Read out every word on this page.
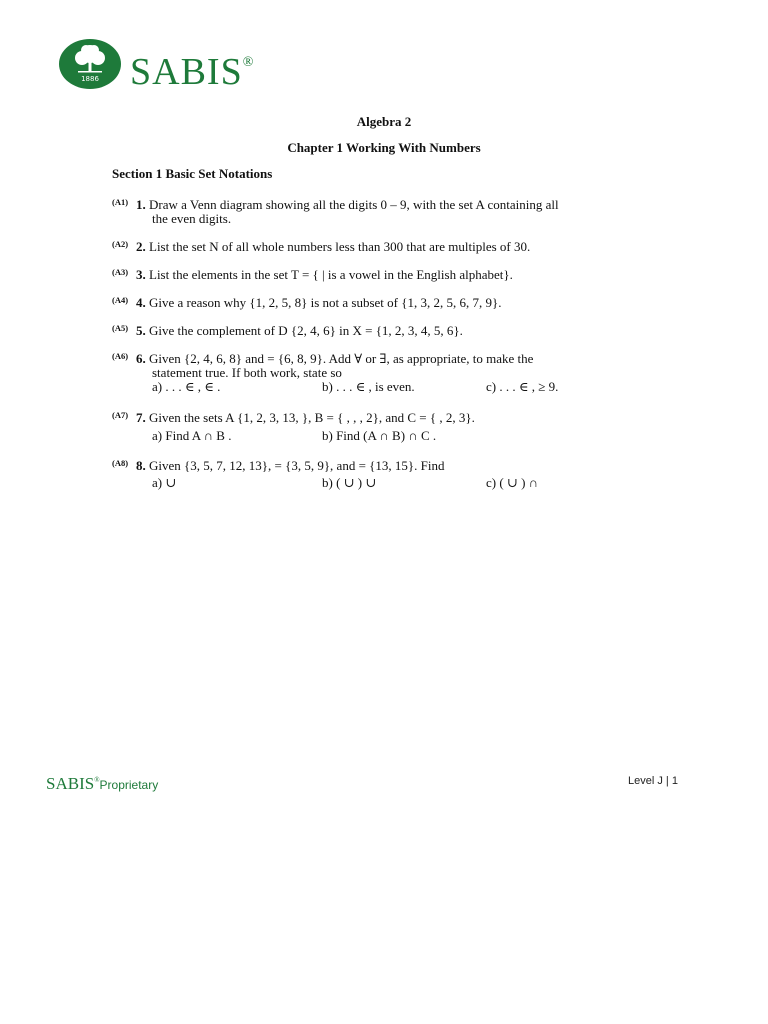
1886 SABIS®
Algebra 2
Chapter 1 Working With Numbers
Section 1 Basic Set Notations
(A1) 1. Draw a Venn diagram showing all the digits 0 – 9, with the set A containing all
the even digits.
(A2) 2. List the set N of all whole numbers less than 300 that are multiples of 30.
(A3) 3. List the elements in the set T = { | is a vowel in the English alphabet}.
(A4) 4. Give a reason why {1, 2, 5, 8} is not a subset of {1, 3, 2, 5, 6, 7, 9}.
(A5) 5. Give the complement of D {2, 4, 6} in X = {1, 2, 3, 4, 5, 6}.
(A6) 6. Given {2, 4, 6, 8} and = {6, 8, 9}. Add ∀ or ∃, as appropriate, to make the
statement true. If both work, state so
a) . . . ∈ , ∈ .	b) . . . ∈ , is even.	c) . . . ∈ , ≥ 9.
(A7) 7. Given the sets A {1, 2, 3, 13, }, B = { , , , 2}, and C = { , 2, 3}.
a) Find A ∩ B .	b) Find (A ∩ B) ∩ C .
(A8) 8. Given {3, 5, 7, 12, 13}, = {3, 5, 9}, and = {13, 15}. Find
a) ∪	b) ( ∪ ) ∪	c) ( ∪ ) ∩
SABIS®Proprietary	Level J | 1
